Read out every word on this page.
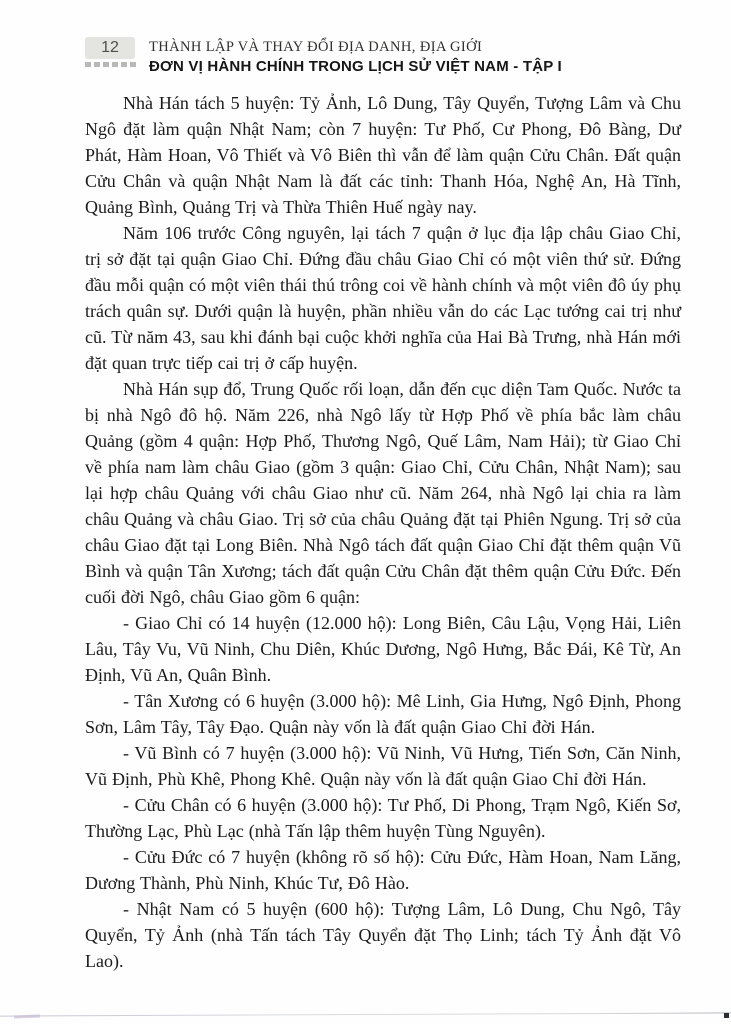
12	THÀNH LẬP VÀ THAY ĐỔI ĐỊA DANH, ĐỊA GIỚI
ĐƠN VỊ HÀNH CHÍNH TRONG LỊCH SỬ VIỆT NAM - TẬP I

Nhà Hán tách 5 huyện: Tỷ Ảnh, Lô Dung, Tây Quyển, Tượng Lâm và Chu Ngô đặt làm quận Nhật Nam; còn 7 huyện: Tư Phố, Cư Phong, Đô Bàng, Dư Phát, Hàm Hoan, Vô Thiết và Vô Biên thì vẫn để làm quận Cửu Chân. Đất quận Cửu Chân và quận Nhật Nam là đất các tỉnh: Thanh Hóa, Nghệ An, Hà Tĩnh, Quảng Bình, Quảng Trị và Thừa Thiên Huế ngày nay.

Năm 106 trước Công nguyên, lại tách 7 quận ở lục địa lập châu Giao Chỉ, trị sở đặt tại quận Giao Chỉ. Đứng đầu châu Giao Chỉ có một viên thứ sử. Đứng đầu mỗi quận có một viên thái thú trông coi về hành chính và một viên đô úy phụ trách quân sự. Dưới quận là huyện, phần nhiều vẫn do các Lạc tướng cai trị như cũ. Từ năm 43, sau khi đánh bại cuộc khởi nghĩa của Hai Bà Trưng, nhà Hán mới đặt quan trực tiếp cai trị ở cấp huyện.

Nhà Hán sụp đổ, Trung Quốc rối loạn, dẫn đến cục diện Tam Quốc. Nước ta bị nhà Ngô đô hộ. Năm 226, nhà Ngô lấy từ Hợp Phố về phía bắc làm châu Quảng (gồm 4 quận: Hợp Phố, Thương Ngô, Quế Lâm, Nam Hải); từ Giao Chỉ về phía nam làm châu Giao (gồm 3 quận: Giao Chỉ, Cửu Chân, Nhật Nam); sau lại hợp châu Quảng với châu Giao như cũ. Năm 264, nhà Ngô lại chia ra làm châu Quảng và châu Giao. Trị sở của châu Quảng đặt tại Phiên Ngung. Trị sở của châu Giao đặt tại Long Biên. Nhà Ngô tách đất quận Giao Chỉ đặt thêm quận Vũ Bình và quận Tân Xương; tách đất quận Cửu Chân đặt thêm quận Cửu Đức. Đến cuối đời Ngô, châu Giao gồm 6 quận:

- Giao Chỉ có 14 huyện (12.000 hộ): Long Biên, Câu Lậu, Vọng Hải, Liên Lâu, Tây Vu, Vũ Ninh, Chu Diên, Khúc Dương, Ngô Hưng, Bắc Đái, Kê Từ, An Định, Vũ An, Quân Bình.

- Tân Xương có 6 huyện (3.000 hộ): Mê Linh, Gia Hưng, Ngô Định, Phong Sơn, Lâm Tây, Tây Đạo. Quận này vốn là đất quận Giao Chỉ đời Hán.

- Vũ Bình có 7 huyện (3.000 hộ): Vũ Ninh, Vũ Hưng, Tiến Sơn, Căn Ninh, Vũ Định, Phù Khê, Phong Khê. Quận này vốn là đất quận Giao Chỉ đời Hán.

- Cửu Chân có 6 huyện (3.000 hộ): Tư Phố, Di Phong, Trạm Ngô, Kiến Sơ, Thường Lạc, Phù Lạc (nhà Tấn lập thêm huyện Tùng Nguyên).

- Cửu Đức có 7 huyện (không rõ số hộ): Cửu Đức, Hàm Hoan, Nam Lăng, Dương Thành, Phù Ninh, Khúc Tư, Đô Hào.

- Nhật Nam có 5 huyện (600 hộ): Tượng Lâm, Lô Dung, Chu Ngô, Tây Quyển, Tỷ Ảnh (nhà Tấn tách Tây Quyển đặt Thọ Linh; tách Tỷ Ảnh đặt Vô Lao).
